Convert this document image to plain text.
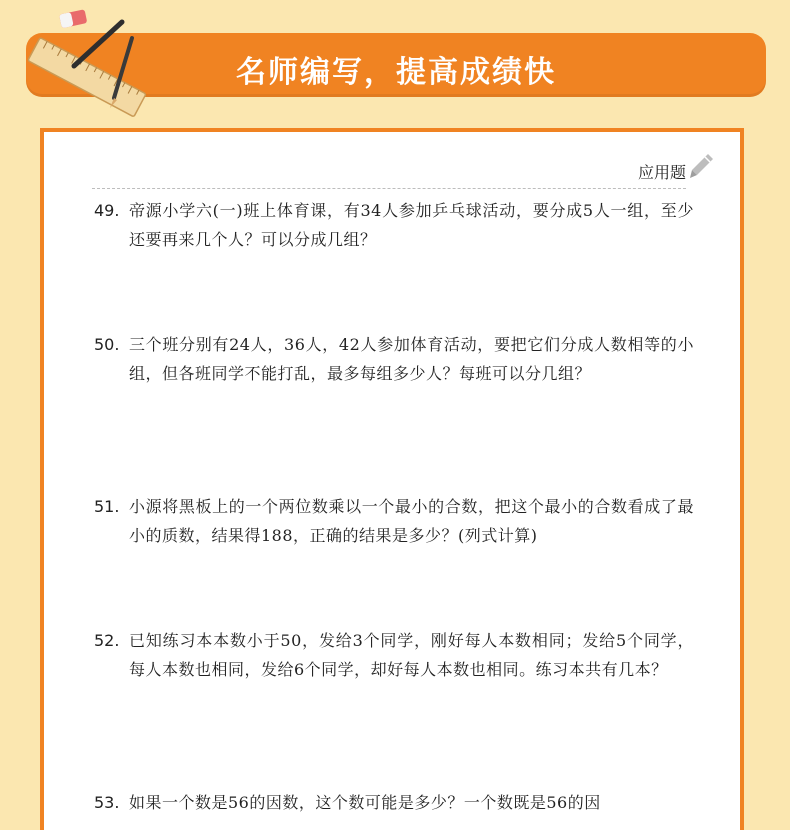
名师编写，提高成绩快
应用题
49. 帝源小学六(一)班上体育课，有34人参加乒乓球活动，要分成5人一组，至少还要再来几个人？可以分成几组？
50. 三个班分别有24人，36人，42人参加体育活动，要把它们分成人数相等的小组，但各班同学不能打乱，最多每组多少人？每班可以分几组？
51. 小源将黑板上的一个两位数乘以一个最小的合数，把这个最小的合数看成了最小的质数，结果得188，正确的结果是多少？(列式计算)
52. 已知练习本本数小于50，发给3个同学，刚好每人本数相同；发给5个同学，每人本数也相同，发给6个同学，却好每人本数也相同。练习本共有几本？
53. 如果一个数是56的因数，这个数可能是多少？一个数既是56的因
